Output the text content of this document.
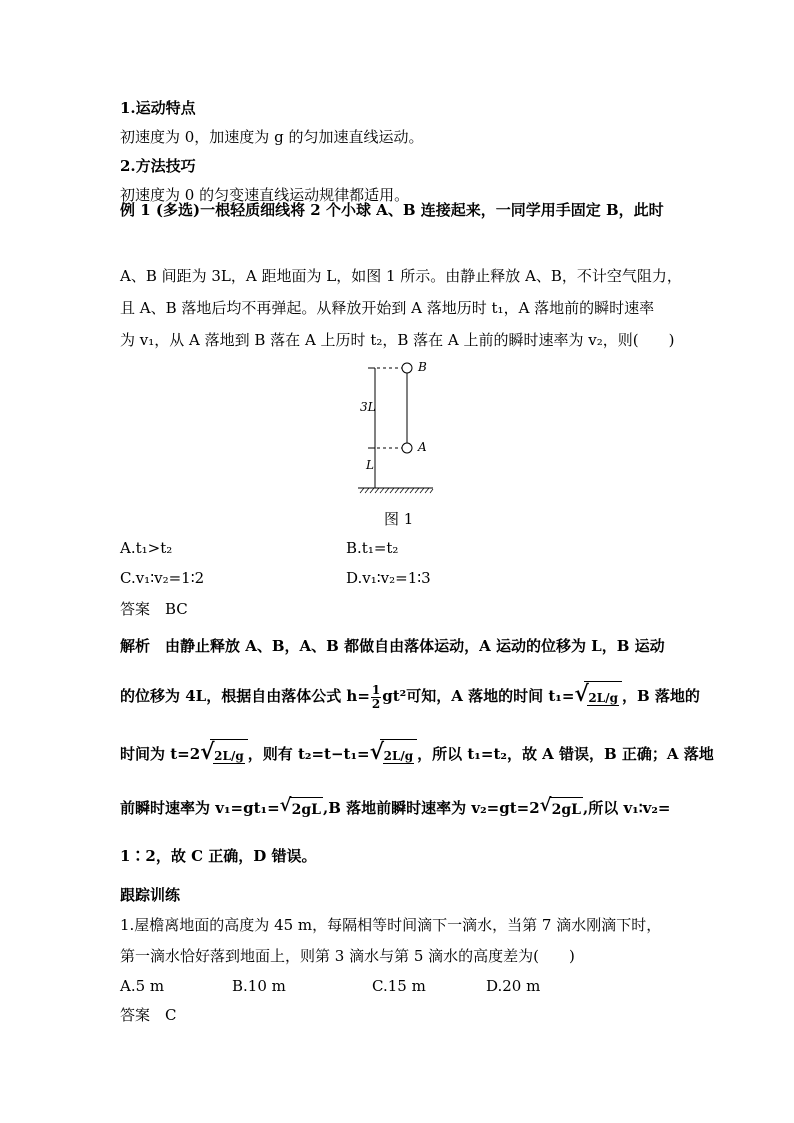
1.运动特点
初速度为 0，加速度为 g 的匀加速直线运动。
2.方法技巧
初速度为 0 的匀变速直线运动规律都适用。
例 1 (多选)一根轻质细线将 2 个小球 A、B 连接起来，一同学用手固定 B，此时
A、B 间距为 3L，A 距地面为 L，如图 1 所示。由静止释放 A、B，不计空气阻力，
且 A、B 落地后均不再弹起。从释放开始到 A 落地历时 t₁，A 落地前的瞬时速率
为 v₁，从 A 落地到 B 落在 A 上历时 t₂，B 落在 A 上前的瞬时速率为 v₂，则(　　)
B
A
3L
L
图 1
A.t₁>t₂	B.t₁=t₂
C.v₁∶v₂=1∶2	D.v₁∶v₂=1∶3
答案　BC
解析　由静止释放 A、B，A、B 都做自由落体运动，A 运动的位移为 L，B 运动
的位移为 4L，根据自由落体公式 $h= \frac{1}{2} gt^2$可知，A 落地的时间 t₁= √ 2L/g ，B 落地的
时间为 t=2 √ 2L/g ，则有 t₂=t−t₁= √ 2L/g ，所以 t₁=t₂，故 A 错误，B 正确；A 落地
前瞬时速率为 v₁=gt₁= √ 2gL ,B 落地前瞬时速率为 v₂=gt=2 √ 2gL ,所以 v₁∶v₂=
1∶2，故 C 正确，D 错误。
跟踪训练
1.屋檐离地面的高度为 45 m，每隔相等时间滴下一滴水，当第 7 滴水刚滴下时，
第一滴水恰好落到地面上，则第 3 滴水与第 5 滴水的高度差为(　　)
A.5 m	B.10 m	C.15 m	D.20 m
答案　C
